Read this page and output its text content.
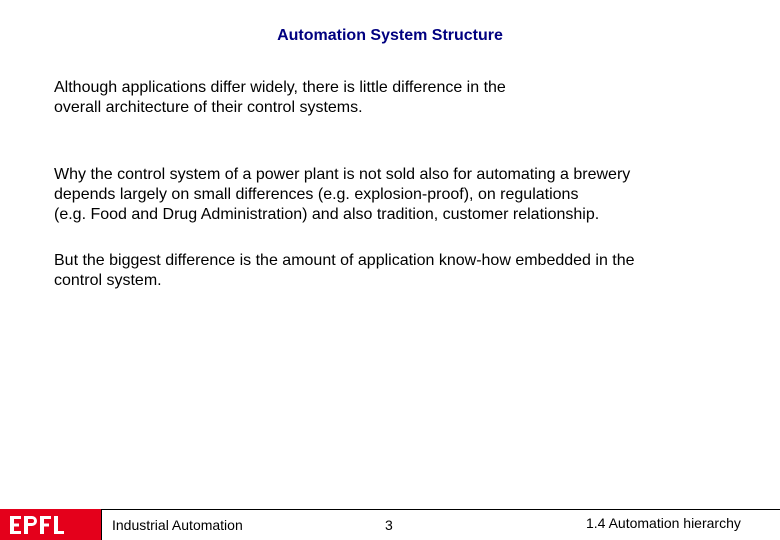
Automation System Structure

Although applications differ widely, there is little difference in the
overall architecture of their control systems.

Why the control system of a power plant is not sold also for automating a brewery
depends largely on small differences (e.g. explosion-proof), on regulations
(e.g. Food and Drug Administration) and also tradition, customer relationship.

But the biggest difference is the amount of application know-how embedded in the
control system.

Industrial Automation	3	1.4 Automation hierarchy
